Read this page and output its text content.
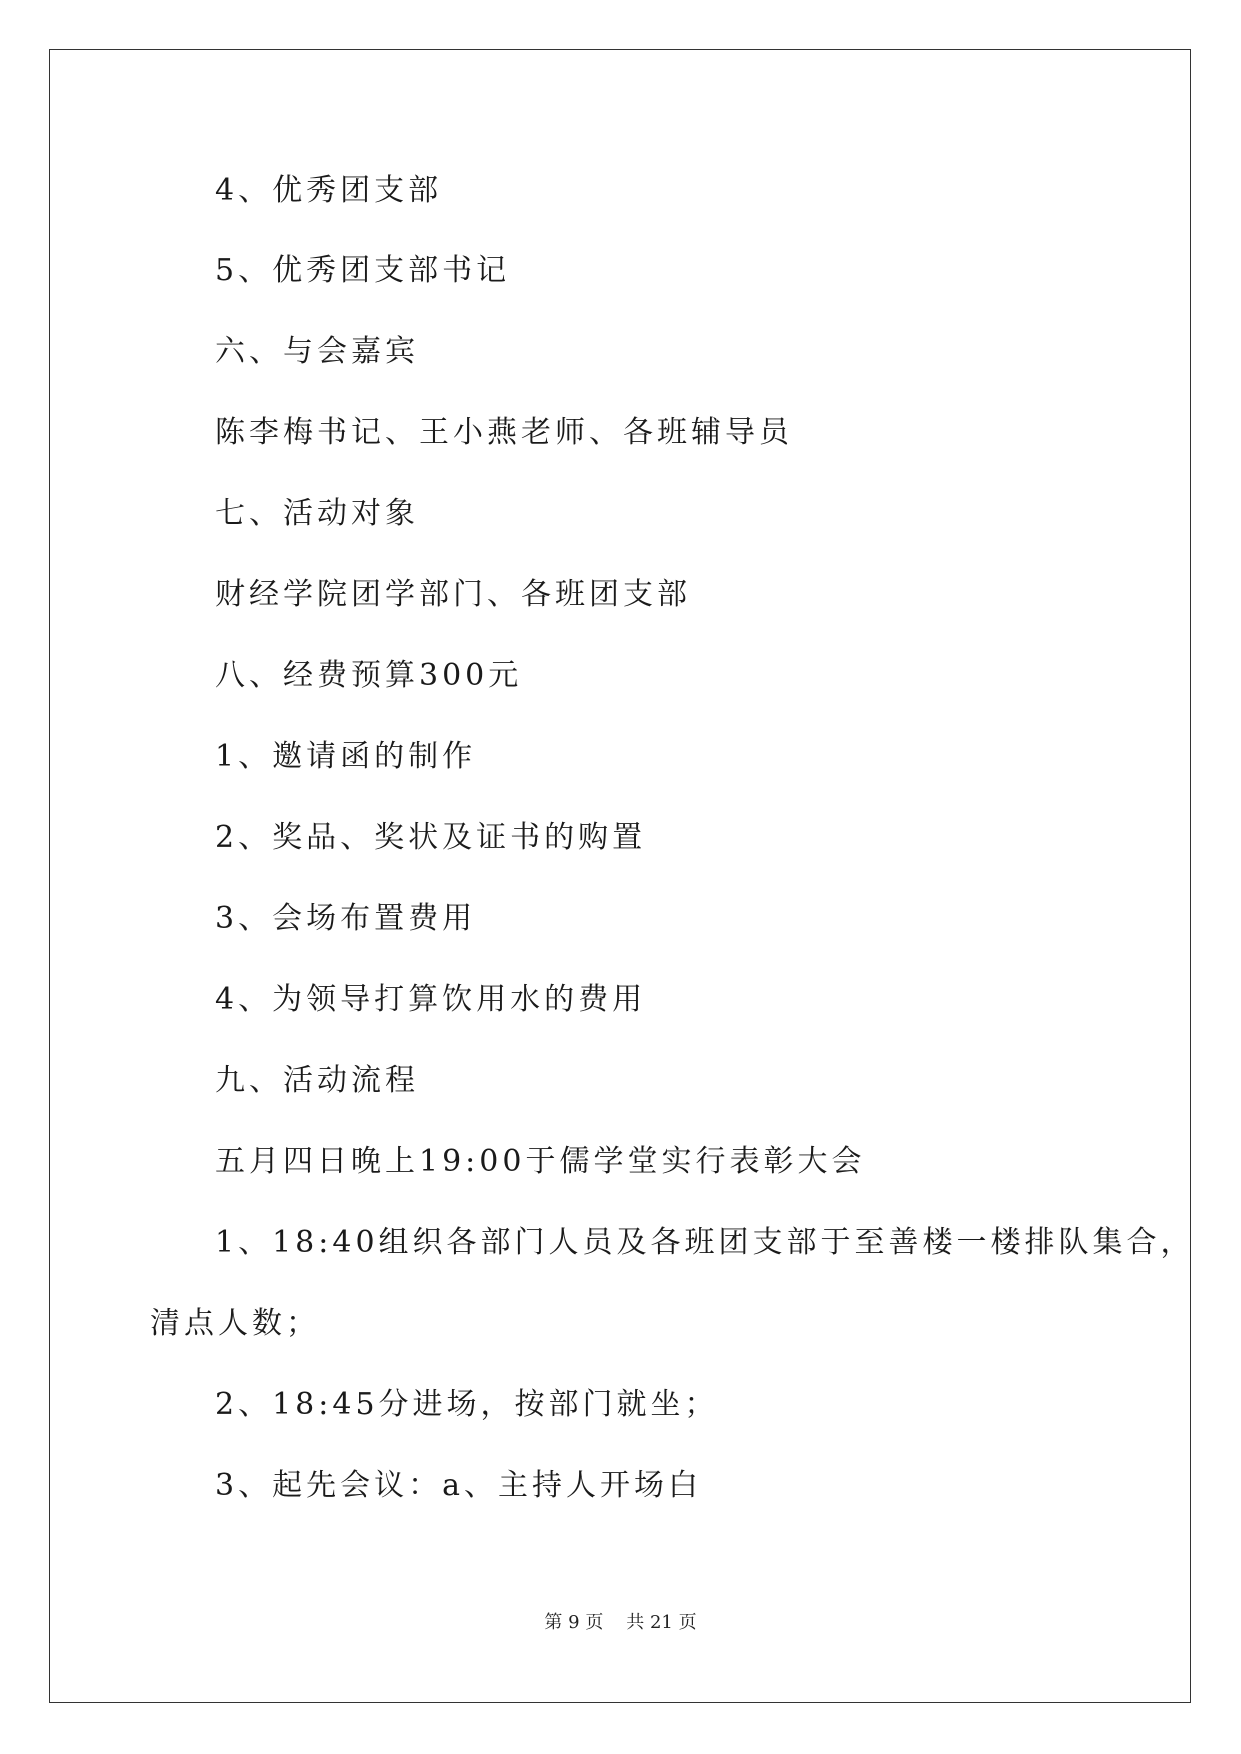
4、优秀团支部
5、优秀团支部书记
六、与会嘉宾
陈李梅书记、王小燕老师、各班辅导员
七、活动对象
财经学院团学部门、各班团支部
八、经费预算300元
1、邀请函的制作
2、奖品、奖状及证书的购置
3、会场布置费用
4、为领导打算饮用水的费用
九、活动流程
五月四日晚上19:00于儒学堂实行表彰大会
1、18:40组织各部门人员及各班团支部于至善楼一楼排队集合，
清点人数；
2、18:45分进场，按部门就坐；
3、起先会议：a、主持人开场白
第 9 页 共 21 页
